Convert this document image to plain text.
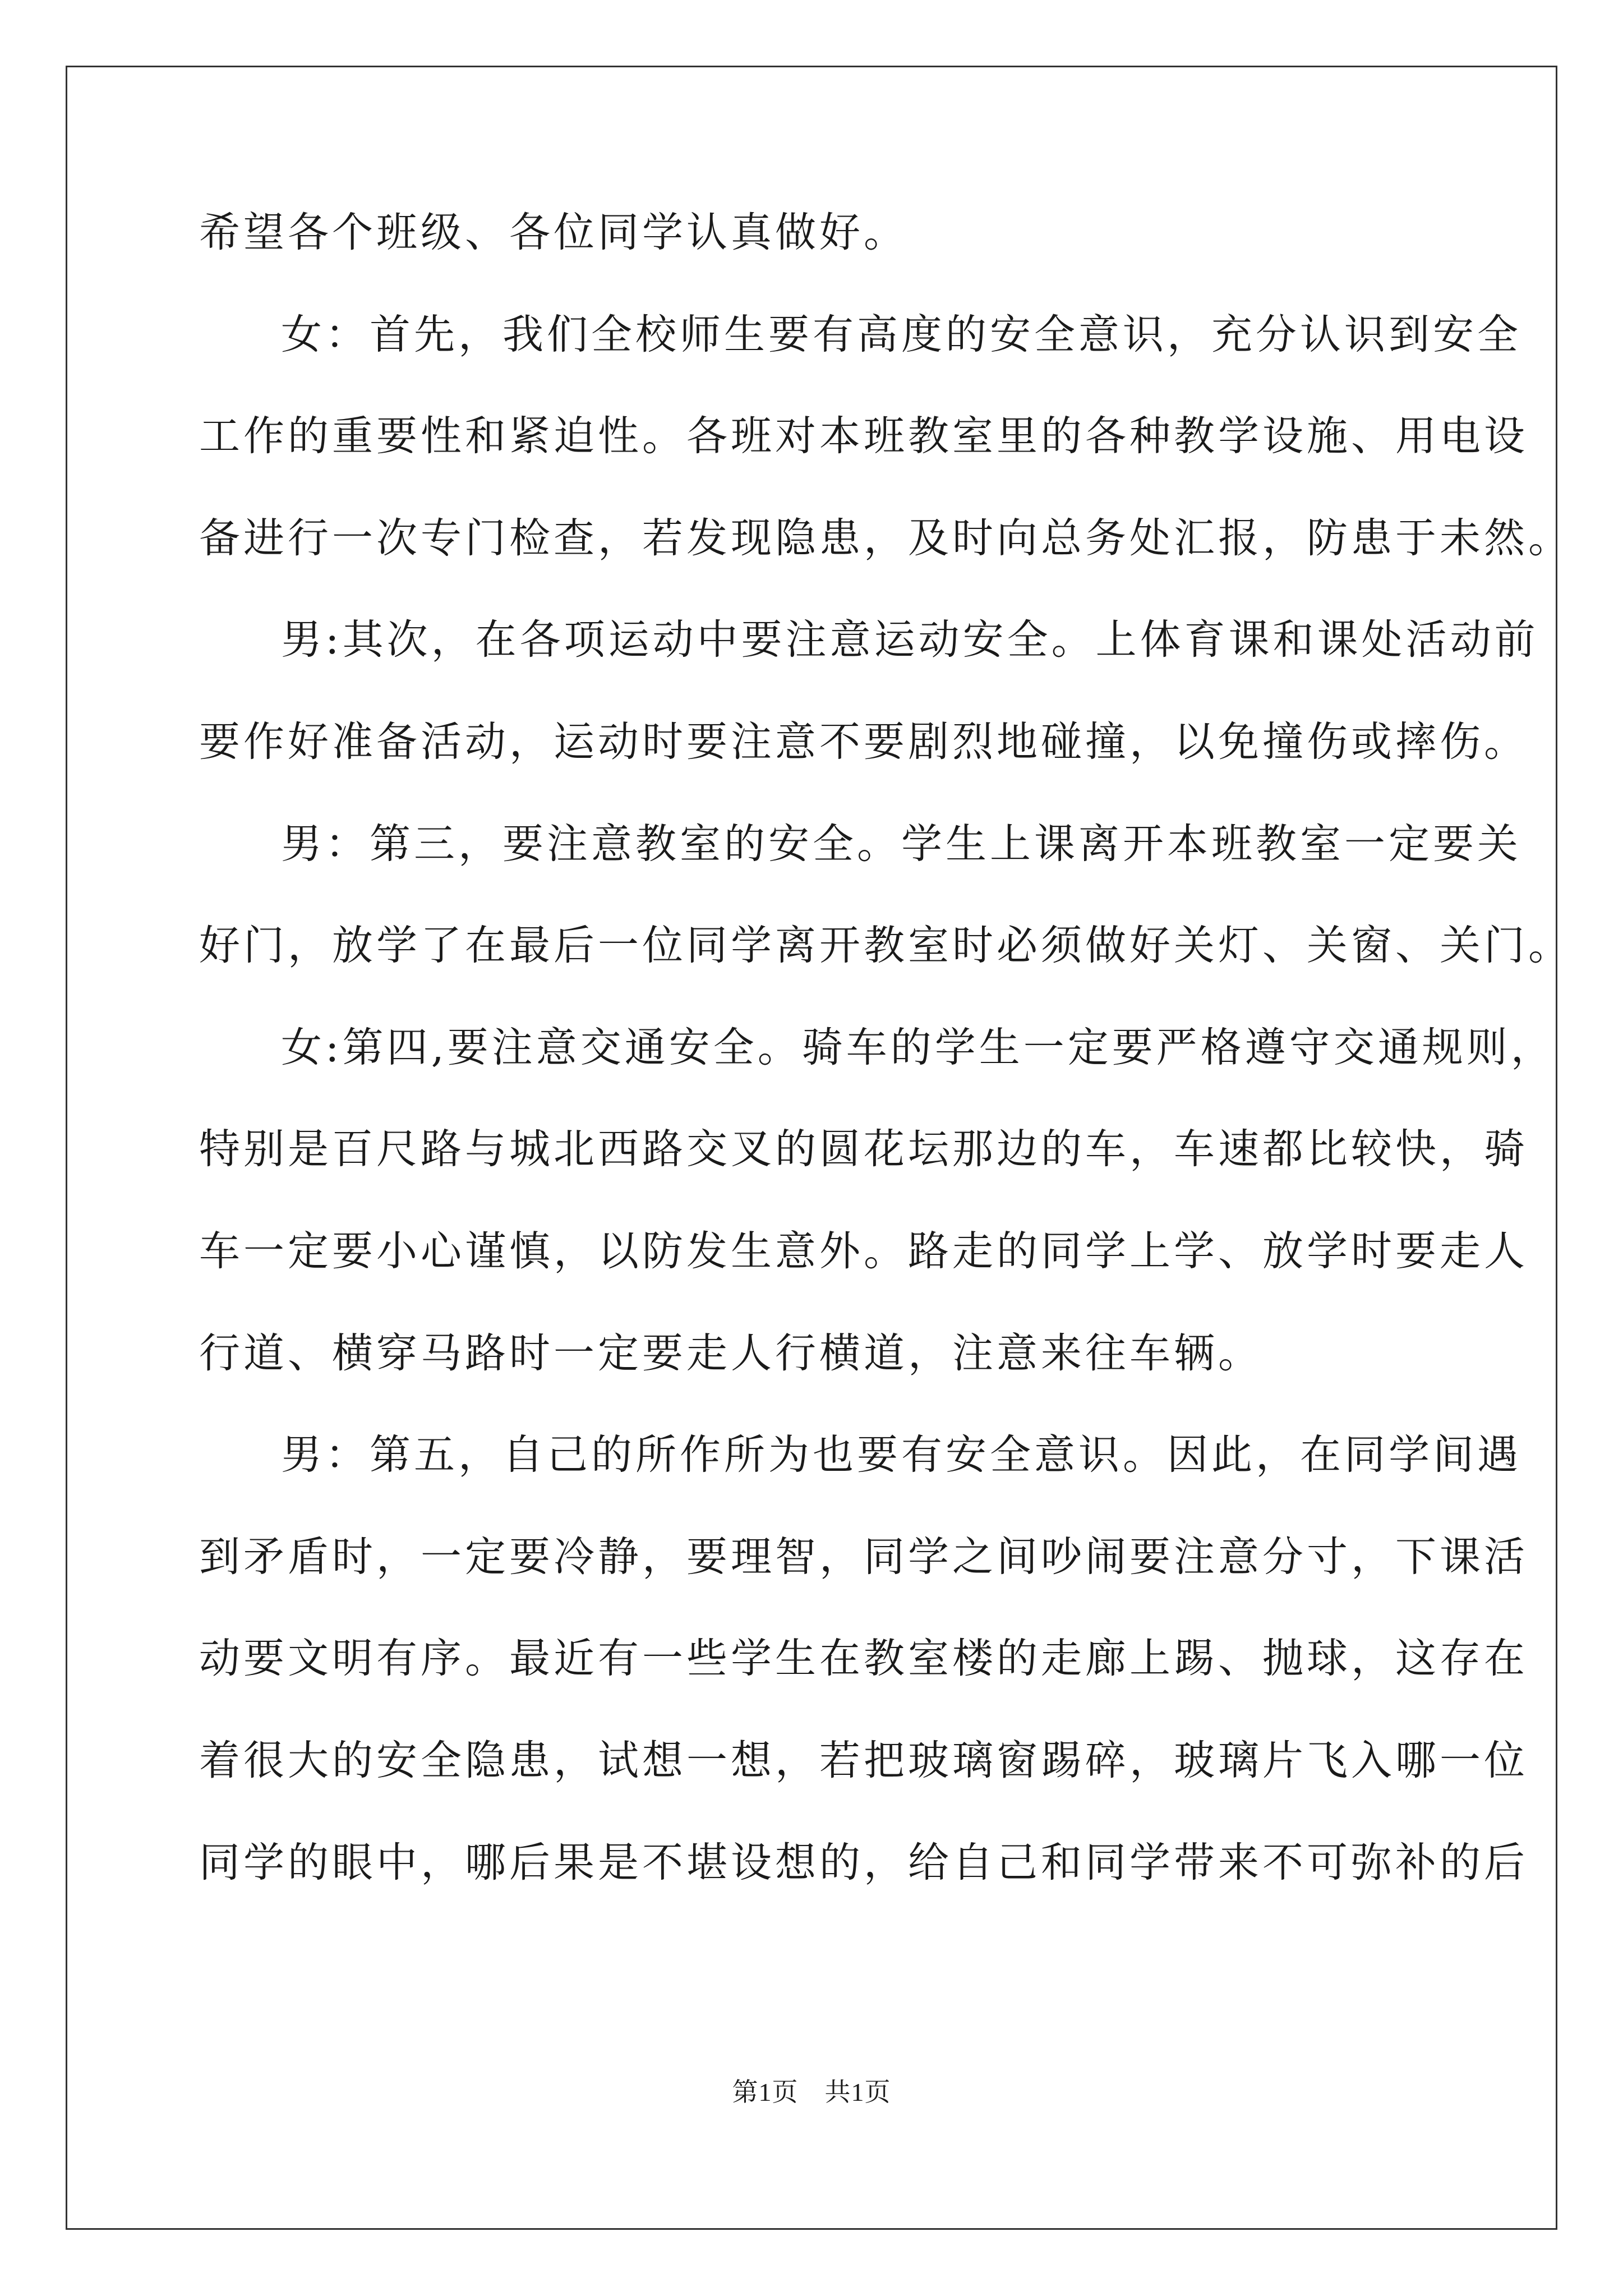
希望各个班级、各位同学认真做好。
女：首先，我们全校师生要有高度的安全意识，充分认识到安全
工作的重要性和紧迫性。各班对本班教室里的各种教学设施、用电设
备进行一次专门检查，若发现隐患，及时向总务处汇报，防患于未然。
男:其次，在各项运动中要注意运动安全。上体育课和课处活动前
要作好准备活动，运动时要注意不要剧烈地碰撞，以免撞伤或摔伤。
男：第三，要注意教室的安全。学生上课离开本班教室一定要关
好门，放学了在最后一位同学离开教室时必须做好关灯、关窗、关门。
女:第四,要注意交通安全。骑车的学生一定要严格遵守交通规则，
特别是百尺路与城北西路交叉的圆花坛那边的车，车速都比较快，骑
车一定要小心谨慎，以防发生意外。路走的同学上学、放学时要走人
行道、横穿马路时一定要走人行横道，注意来往车辆。
男：第五，自己的所作所为也要有安全意识。因此，在同学间遇
到矛盾时，一定要冷静，要理智，同学之间吵闹要注意分寸，下课活
动要文明有序。最近有一些学生在教室楼的走廊上踢、抛球，这存在
着很大的安全隐患，试想一想，若把玻璃窗踢碎，玻璃片飞入哪一位
同学的眼中，哪后果是不堪设想的，给自己和同学带来不可弥补的后
第1页　共1页
